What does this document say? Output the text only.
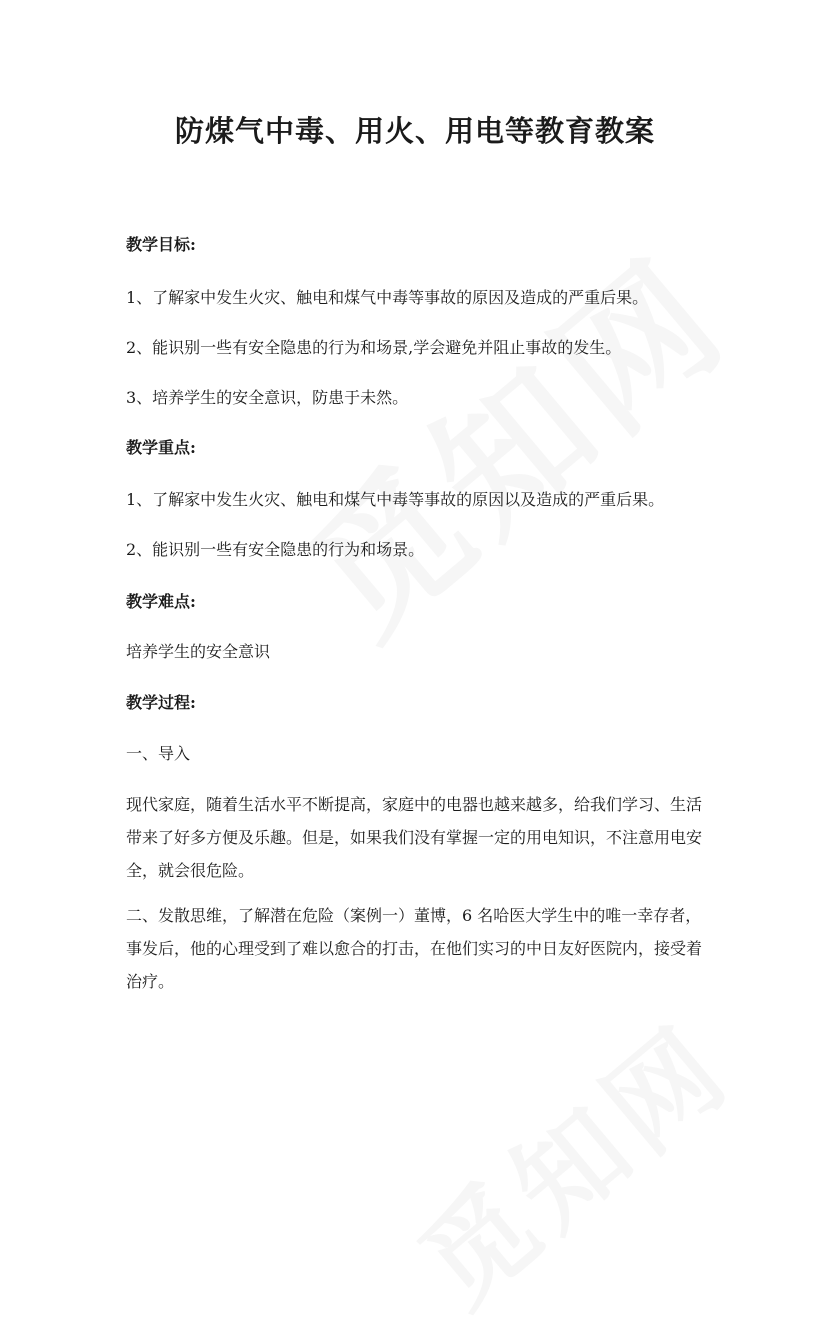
防煤气中毒、用火、用电等教育教案

教学目标:

1、了解家中发生火灾、触电和煤气中毒等事故的原因及造成的严重后果。

2、能识别一些有安全隐患的行为和场景,学会避免并阻止事故的发生。

3、培养学生的安全意识，防患于未然。

教学重点:

1、了解家中发生火灾、触电和煤气中毒等事故的原因以及造成的严重后果。

2、能识别一些有安全隐患的行为和场景。

教学难点:

培养学生的安全意识

教学过程:

一、导入

现代家庭，随着生活水平不断提高，家庭中的电器也越来越多，给我们学习、生活带来了好多方便及乐趣。但是，如果我们没有掌握一定的用电知识，不注意用电安全，就会很危险。

二、发散思维，了解潜在危险（案例一）董博，6 名哈医大学生中的唯一幸存者，事发后，他的心理受到了难以愈合的打击，在他们实习的中日友好医院内，接受着治疗。
